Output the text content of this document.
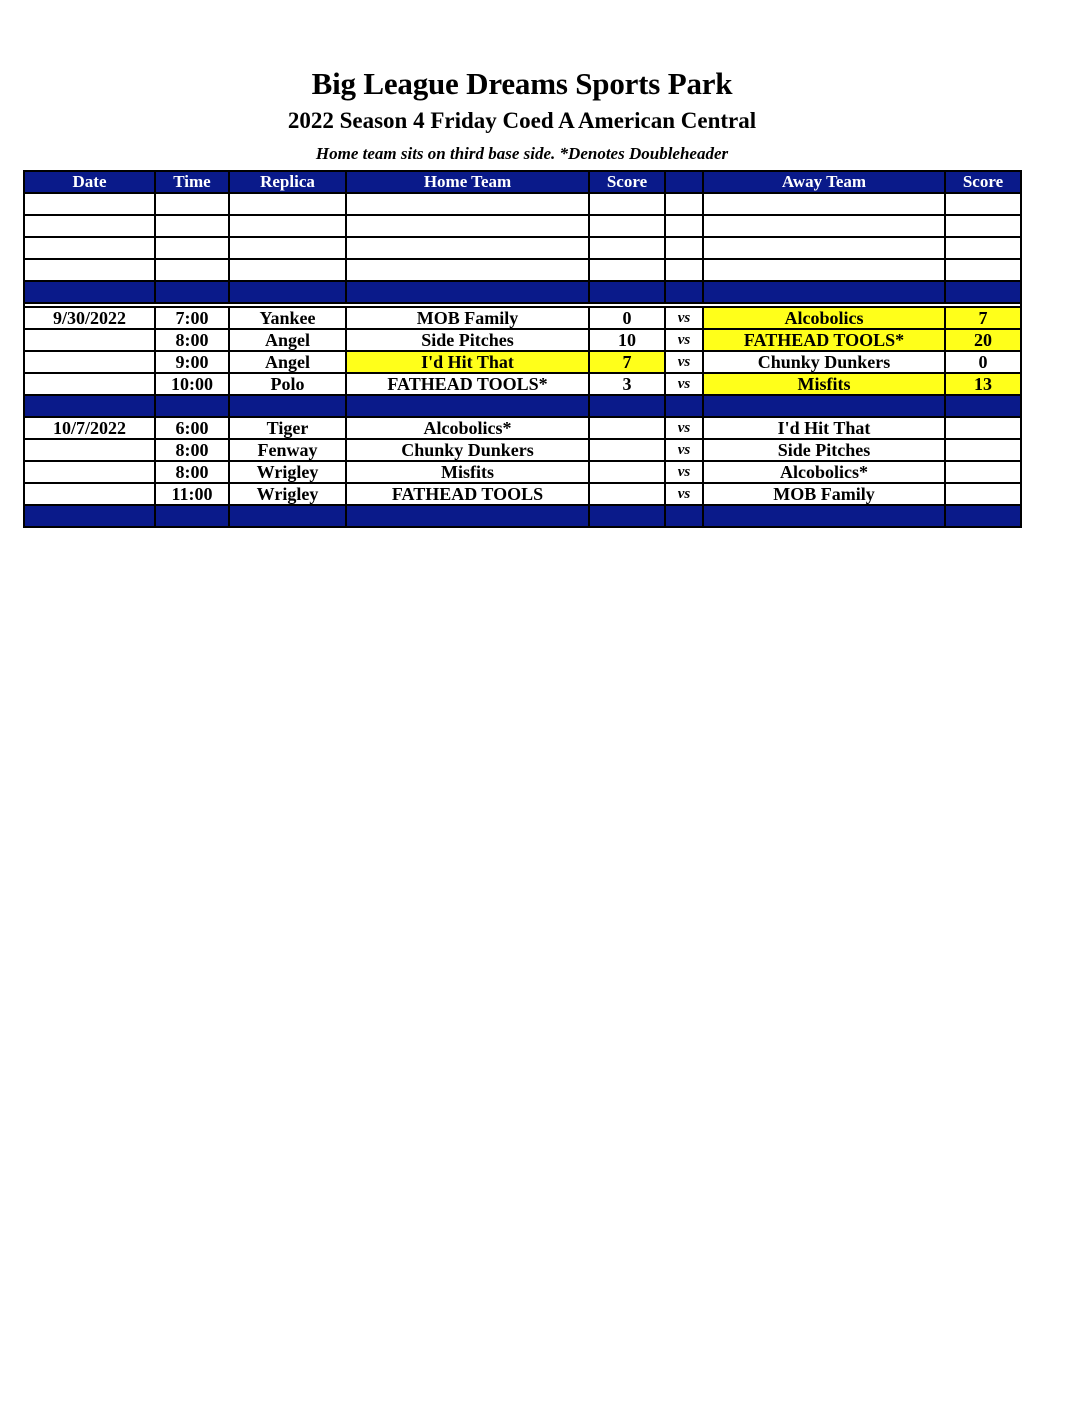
Big League Dreams Sports Park
2022 Season 4 Friday Coed A American Central
Home team sits on third base side. *Denotes Doubleheader
Date	Time	Replica	Home Team	Score		Away Team	Score

9/30/2022	7:00	Yankee	MOB Family	0	vs	Alcobolics	7
	8:00	Angel	Side Pitches	10	vs	FATHEAD TOOLS*	20
	9:00	Angel	I'd Hit That	7	vs	Chunky Dunkers	0
	10:00	Polo	FATHEAD TOOLS*	3	vs	Misfits	13

10/7/2022	6:00	Tiger	Alcobolics*		vs	I'd Hit That	
	8:00	Fenway	Chunky Dunkers		vs	Side Pitches	
	8:00	Wrigley	Misfits		vs	Alcobolics*	
	11:00	Wrigley	FATHEAD TOOLS		vs	MOB Family	
